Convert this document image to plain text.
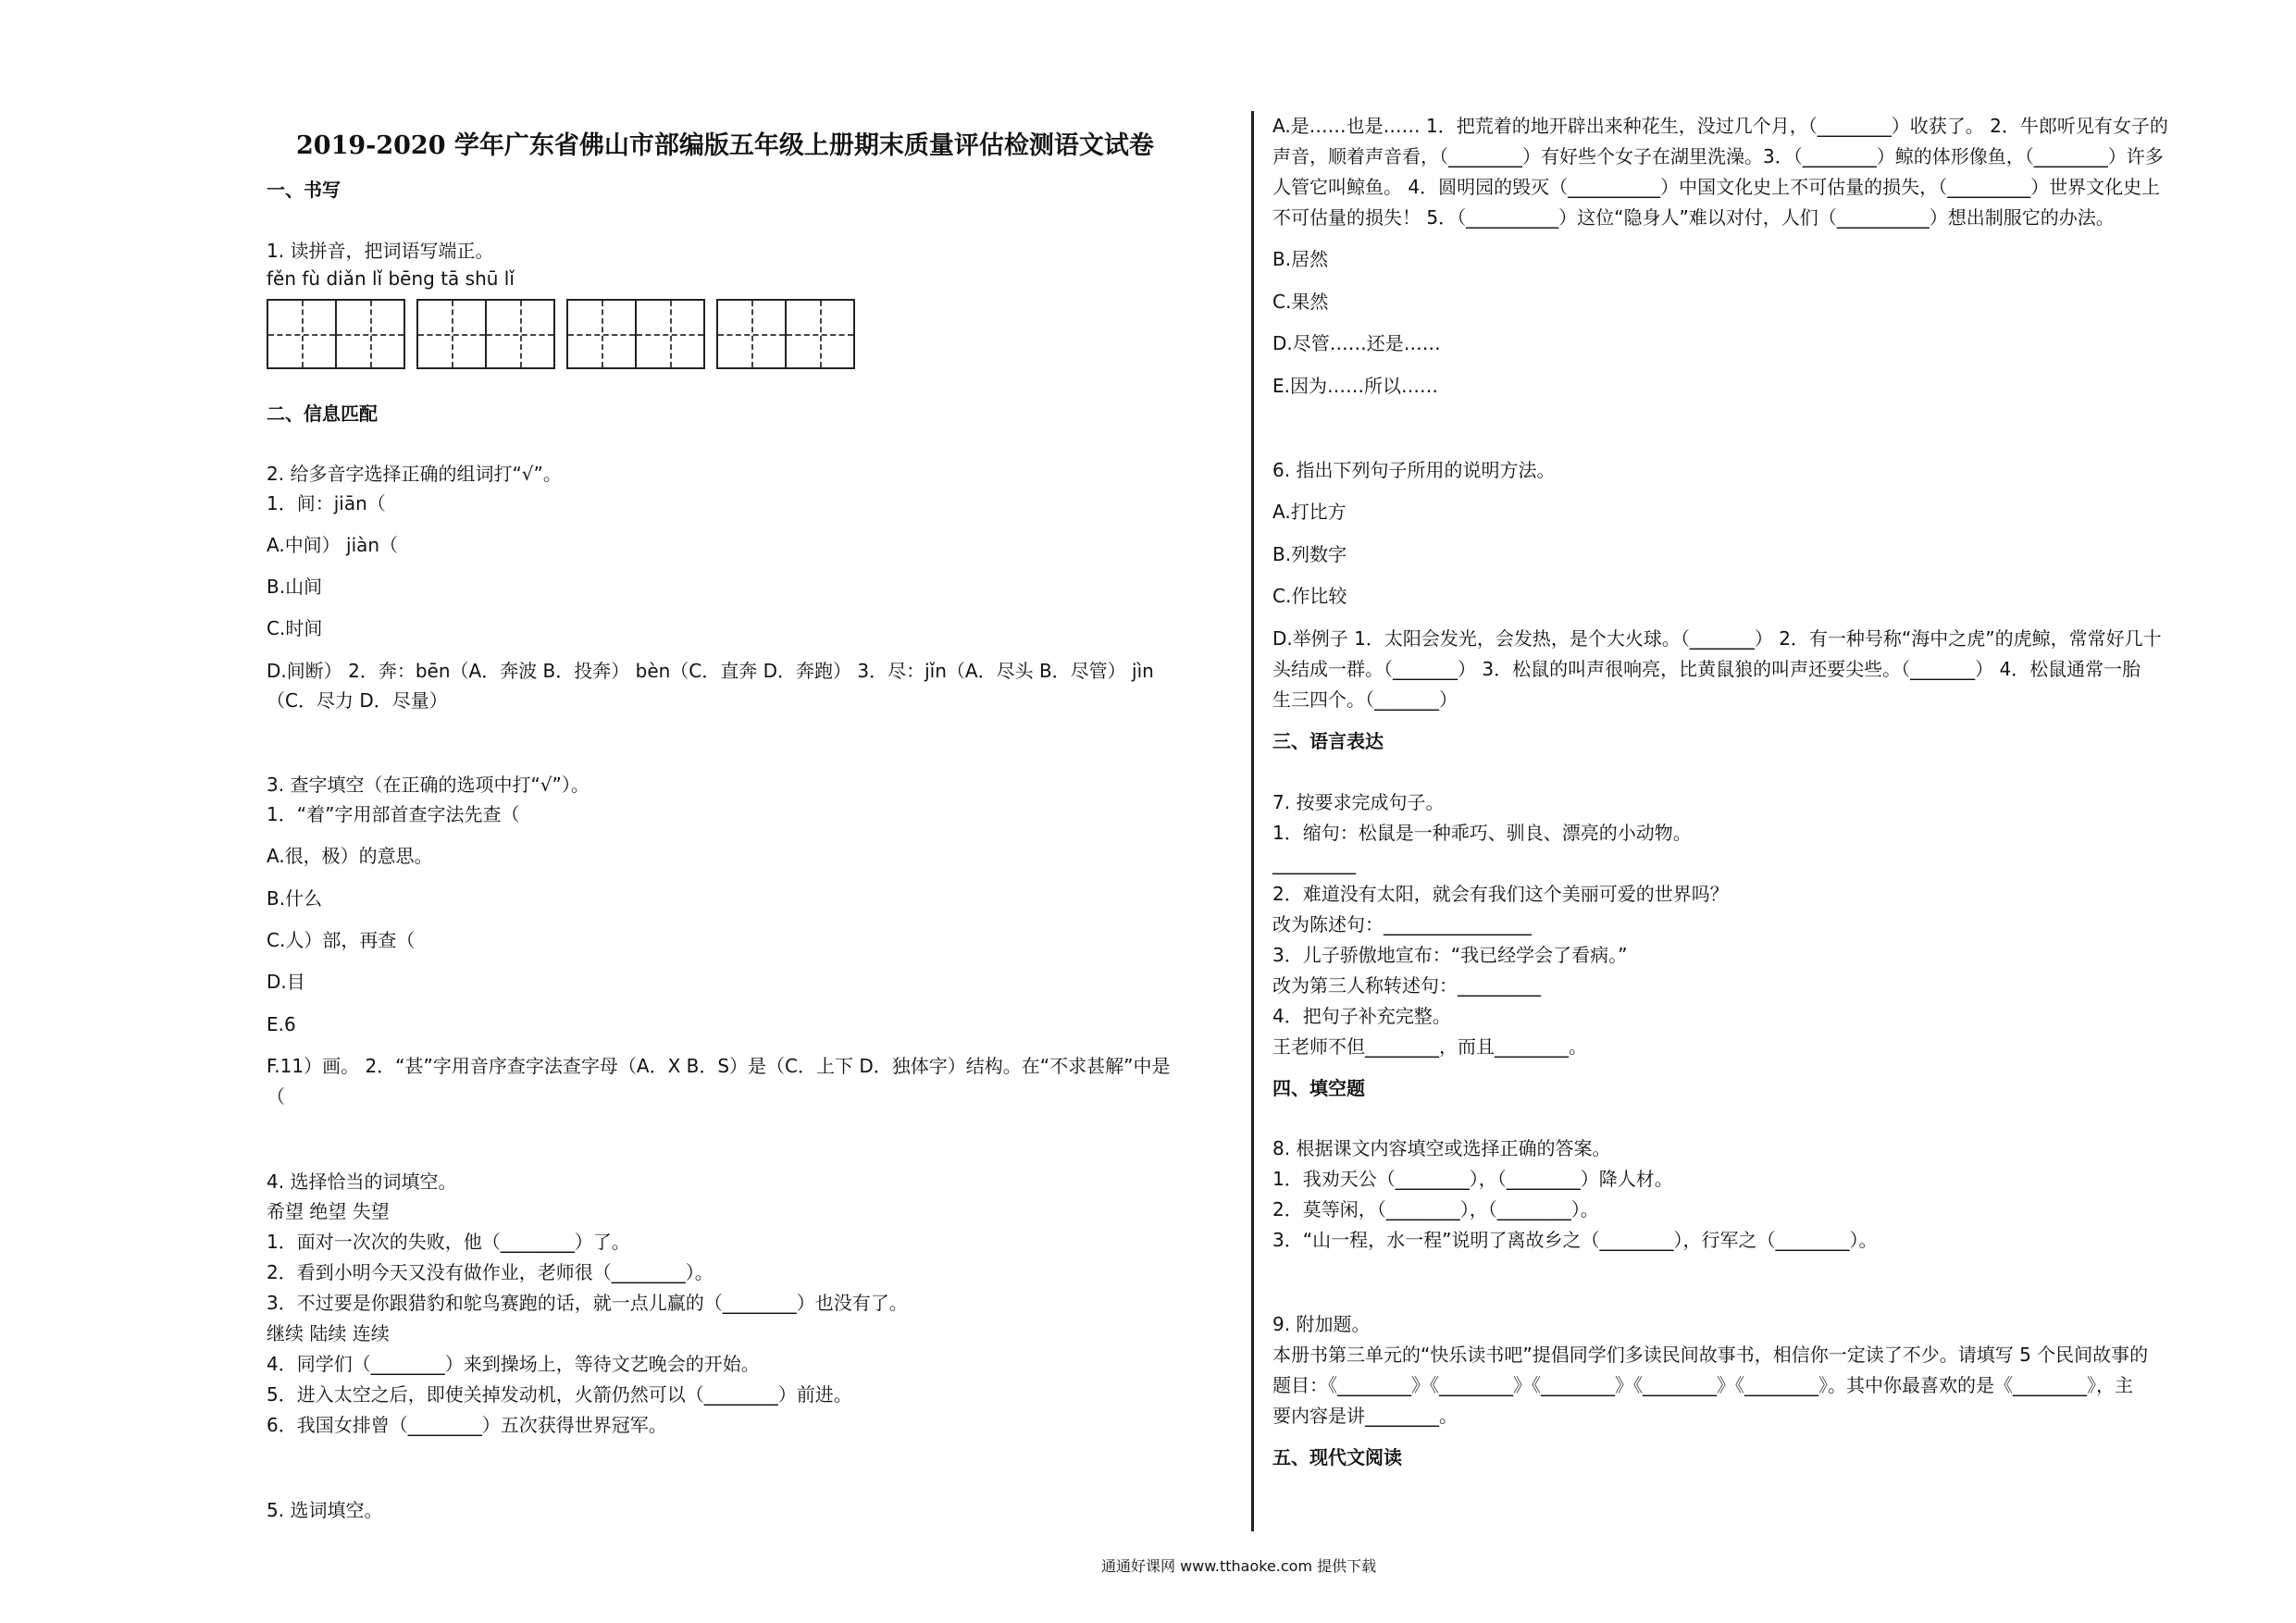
2019-2020 学年广东省佛山市部编版五年级上册期末质量评估检测语文试卷
一、书写
1. 读拼音，把词语写端正。
fěn fù diǎn lǐ bēng tā shū lǐ
二、信息匹配
2. 给多音字选择正确的组词打“√”。
1．间：jiān（
A.中间） jiàn（
B.山间
C.时间
D.间断） 2．奔：bēn（A．奔波 B．投奔） bèn（C．直奔 D．奔跑） 3．尽：jǐn（A．尽头 B．尽管） jìn
（C．尽力 D．尽量）
3. 查字填空（在正确的选项中打“√”）。
1．“着”字用部首查字法先查（
A.很，极）的意思。
B.什么
C.人）部，再查（
D.目
E.6
F.11）画。 2．“甚”字用音序查字法查字母（A．X B．S）是（C．上下 D．独体字）结构。在“不求甚解”中是
（
4. 选择恰当的词填空。
希望 绝望 失望
1．面对一次次的失败，他（________）了。
2．看到小明今天又没有做作业，老师很（________）。
3．不过要是你跟猎豹和鸵鸟赛跑的话，就一点儿赢的（________）也没有了。
继续 陆续 连续
4．同学们（________）来到操场上，等待文艺晚会的开始。
5．进入太空之后，即使关掉发动机，火箭仍然可以（________）前进。
6．我国女排曾（________）五次获得世界冠军。
5. 选词填空。
A.是……也是…… 1．把荒着的地开辟出来种花生，没过几个月，（________）收获了。 2．牛郎听见有女子的
声音，顺着声音看，（________）有好些个女子在湖里洗澡。3．（________）鲸的体形像鱼，（________）许多
人管它叫鲸鱼。 4．圆明园的毁灭（__________）中国文化史上不可估量的损失，（_________）世界文化史上
不可估量的损失！ 5．（__________）这位“隐身人”难以对付，人们（__________）想出制服它的办法。
B.居然
C.果然
D.尽管……还是……
E.因为……所以……
6. 指出下列句子所用的说明方法。
A.打比方
B.列数字
C.作比较
D.举例子 1．太阳会发光，会发热，是个大火球。（_______） 2．有一种号称“海中之虎”的虎鲸，常常好几十
头结成一群。（_______） 3．松鼠的叫声很响亮，比黄鼠狼的叫声还要尖些。（_______） 4．松鼠通常一胎
生三四个。（_______）
三、语言表达
7. 按要求完成句子。
1．缩句：松鼠是一种乖巧、驯良、漂亮的小动物。
_________
2．难道没有太阳，就会有我们这个美丽可爱的世界吗？
改为陈述句：________________
3．儿子骄傲地宣布：“我已经学会了看病。”
改为第三人称转述句：_________
4．把句子补充完整。
王老师不但________，而且________。
四、填空题
8. 根据课文内容填空或选择正确的答案。
1．我劝天公（________），（________）降人材。
2．莫等闲，（________），（________）。
3．“山一程，水一程”说明了离故乡之（________），行军之（________）。
9. 附加题。
本册书第三单元的“快乐读书吧”提倡同学们多读民间故事书，相信你一定读了不少。请填写 5 个民间故事的
题目：《________》《________》《________》《________》《________》。其中你最喜欢的是《________》，主
要内容是讲________。
五、现代文阅读
通通好课网 www.tthaoke.com 提供下载
